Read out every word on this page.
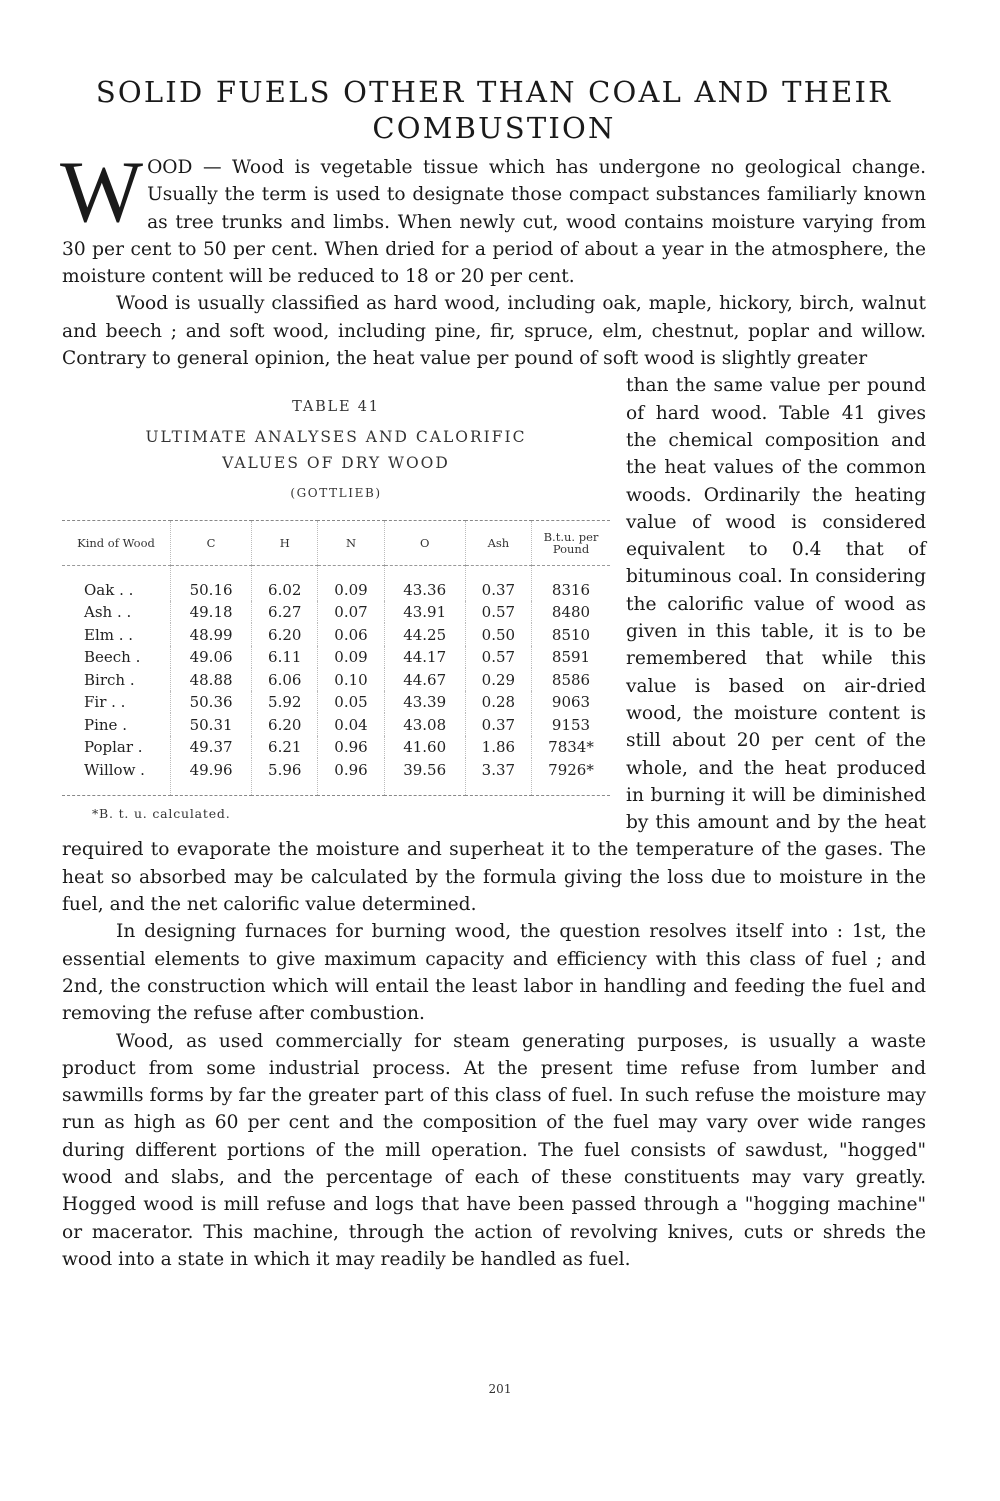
SOLID FUELS OTHER THAN COAL AND THEIR COMBUSTION

WOOD — Wood is vegetable tissue which has undergone no geological change. Usually the term is used to designate those compact substances familiarly known as tree trunks and limbs. When newly cut, wood contains moisture varying from 30 per cent to 50 per cent. When dried for a period of about a year in the atmosphere, the moisture content will be reduced to 18 or 20 per cent.

Wood is usually classified as hard wood, including oak, maple, hickory, birch, walnut and beech ; and soft wood, including pine, fir, spruce, elm, chestnut, poplar and willow. Contrary to general opinion, the heat value per pound of soft wood is slightly greater

TABLE 41
ULTIMATE ANALYSES AND CALORIFIC VALUES OF DRY WOOD
(GOTTLIEB)
Kind of Wood	C	H	N	O	Ash	B.t.u. per Pound
Oak . .	50.16	6.02	0.09	43.36	0.37	8316
Ash . .	49.18	6.27	0.07	43.91	0.57	8480
Elm . .	48.99	6.20	0.06	44.25	0.50	8510
Beech .	49.06	6.11	0.09	44.17	0.57	8591
Birch .	48.88	6.06	0.10	44.67	0.29	8586
Fir . .	50.36	5.92	0.05	43.39	0.28	9063
Pine .	50.31	6.20	0.04	43.08	0.37	9153
Poplar .	49.37	6.21	0.96	41.60	1.86	7834*
Willow .	49.96	5.96	0.96	39.56	3.37	7926*
*B. t. u. calculated.

than the same value per pound of hard wood. Table 41 gives the chemical composition and the heat values of the common woods. Ordinarily the heating value of wood is considered equivalent to 0.4 that of bituminous coal. In considering the calorific value of wood as given in this table, it is to be remembered that while this value is based on air-dried wood, the moisture content is still about 20 per cent of the whole, and the heat produced in burning it will be diminished by this amount and by the heat required to evaporate the moisture and superheat it to the temperature of the gases. The heat so absorbed may be calculated by the formula giving the loss due to moisture in the fuel, and the net calorific value determined.

In designing furnaces for burning wood, the question resolves itself into : 1st, the essential elements to give maximum capacity and efficiency with this class of fuel ; and 2nd, the construction which will entail the least labor in handling and feeding the fuel and removing the refuse after combustion.

Wood, as used commercially for steam generating purposes, is usually a waste product from some industrial process. At the present time refuse from lumber and sawmills forms by far the greater part of this class of fuel. In such refuse the moisture may run as high as 60 per cent and the composition of the fuel may vary over wide ranges during different portions of the mill operation. The fuel consists of sawdust, "hogged" wood and slabs, and the percentage of each of these constituents may vary greatly. Hogged wood is mill refuse and logs that have been passed through a "hogging machine" or macerator. This machine, through the action of revolving knives, cuts or shreds the wood into a state in which it may readily be handled as fuel.

201
